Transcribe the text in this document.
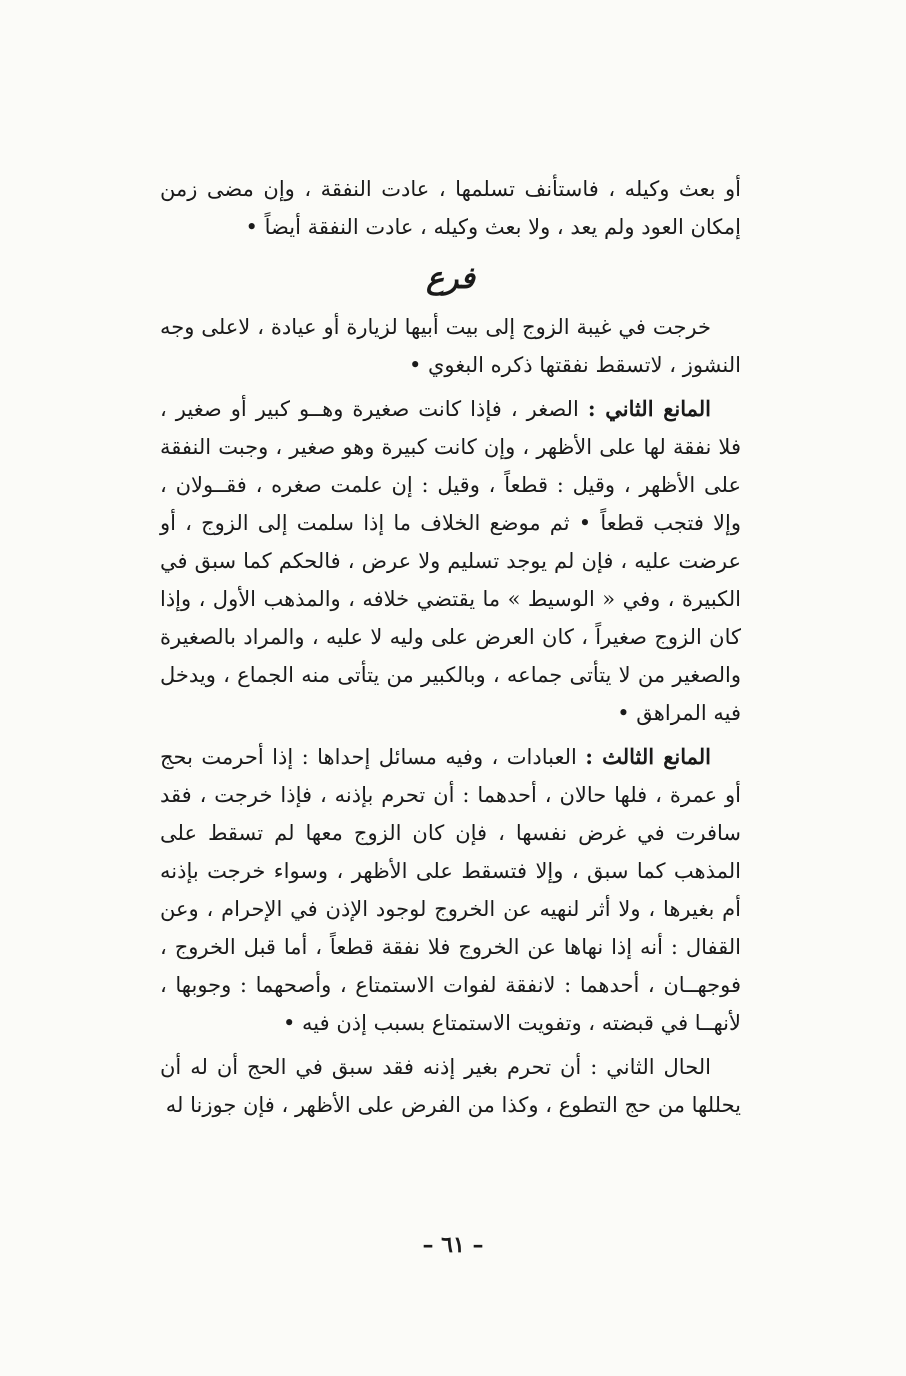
أو بعث وكيله ، فاستأنف تسلمها ، عادت النفقة ، وإن مضى زمن إمكان العود ولم يعد ، ولا بعث وكيله ، عادت النفقة أيضاً •

فرع

خرجت في غيبة الزوج إلى بيت أبيها لزيارة أو عيادة ، لاعلى وجه النشوز ، لاتسقط نفقتها ذكره البغوي •

المانع الثاني : الصغر ، فإذا كانت صغيرة وهــو كبير أو صغير ، فلا نفقة لها على الأظهر ، وإن كانت كبيرة وهو صغير ، وجبت النفقة على الأظهر ، وقيل : قطعاً ، وقيل : إن علمت صغره ، فقــولان ، وإلا فتجب قطعاً • ثم موضع الخلاف ما إذا سلمت إلى الزوج ، أو عرضت عليه ، فإن لم يوجد تسليم ولا عرض ، فالحكم كما سبق في الكبيرة ، وفي « الوسيط » ما يقتضي خلافه ، والمذهب الأول ، وإذا كان الزوج صغيراً ، كان العرض على وليه لا عليه ، والمراد بالصغيرة والصغير من لا يتأتى جماعه ، وبالكبير من يتأتى منه الجماع ، ويدخل فيه المراهق •

المانع الثالث : العبادات ، وفيه مسائل إحداها : إذا أحرمت بحج أو عمرة ، فلها حالان ، أحدهما : أن تحرم بإذنه ، فإذا خرجت ، فقد سافرت في غرض نفسها ، فإن كان الزوج معها لم تسقط على المذهب كما سبق ، وإلا فتسقط على الأظهر ، وسواء خرجت بإذنه أم بغيرها ، ولا أثر لنهيه عن الخروج لوجود الإذن في الإحرام ، وعن القفال : أنه إذا نهاها عن الخروج فلا نفقة قطعاً ، أما قبل الخروج ، فوجهــان ، أحدهما : لانفقة لفوات الاستمتاع ، وأصحهما : وجوبها ، لأنهــا في قبضته ، وتفويت الاستمتاع بسبب إذن فيه •

الحال الثاني : أن تحرم بغير إذنه فقد سبق في الحج أن له أن يحللها من حج التطوع ، وكذا من الفرض على الأظهر ، فإن جوزنا له

– ٦١ –
